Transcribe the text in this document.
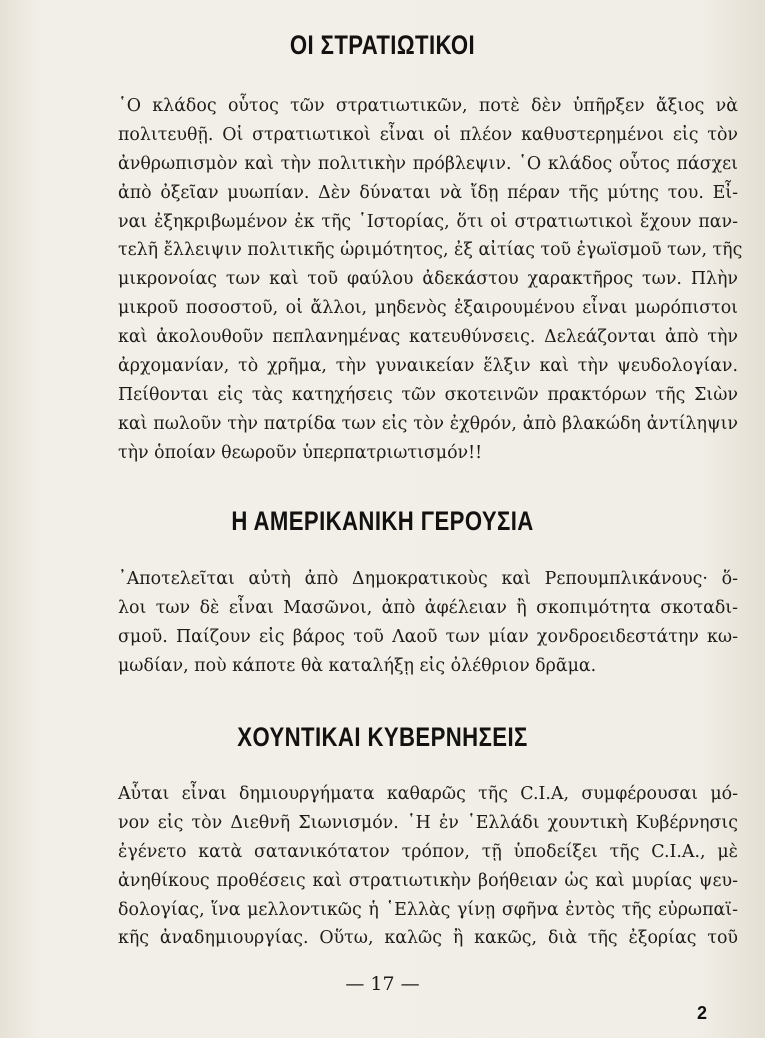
ΟΙ ΣΤΡΑΤΙΩΤΙΚΟΙ
῾Ο κλάδος οὗτος τῶν στρατιωτικῶν, ποτὲ δὲν ὑπῆρξεν ἄξιος νὰ
πολιτευθῇ. Οἱ στρατιωτικοὶ εἶναι οἱ πλέον καθυστερημένοι εἰς τὸν
ἀνθρωπισμὸν καὶ τὴν πολιτικὴν πρόβλεψιν. ῾Ο κλάδος οὗτος πάσχει
ἀπὸ ὀξεῖαν μυωπίαν. Δὲν δύναται νὰ ἴδῃ πέραν τῆς μύτης του. Εἶ-
ναι ἐξηκριβωμένον ἐκ τῆς ῾Ιστορίας, ὅτι οἱ στρατιωτικοὶ ἔχουν παν-
τελῆ ἔλλειψιν πολιτικῆς ὡριμότητος, ἐξ αἰτίας τοῦ ἐγωϊσμοῦ των, τῆς
μικρονοίας των καὶ τοῦ φαύλου ἀδεκάστου χαρακτῆρος των. Πλὴν
μικροῦ ποσοστοῦ, οἱ ἄλλοι, μηδενὸς ἐξαιρουμένου εἶναι μωρόπιστοι
καὶ ἀκολουθοῦν πεπλανημένας κατευθύνσεις. Δελεάζονται ἀπὸ τὴν
ἀρχομανίαν, τὸ χρῆμα, τὴν γυναικείαν ἕλξιν καὶ τὴν ψευδολογίαν.
Πείθονται εἰς τὰς κατηχήσεις τῶν σκοτεινῶν πρακτόρων τῆς Σιὼν
καὶ πωλοῦν τὴν πατρίδα των εἰς τὸν ἐχθρόν, ἀπὸ βλακώδη ἀντίληψιν
τὴν ὁποίαν θεωροῦν ὑπερπατριωτισμόν!!
Η ΑΜΕΡΙΚΑΝΙΚΗ ΓΕΡΟΥΣΙΑ
᾿Αποτελεῖται αὐτὴ ἀπὸ Δημοκρατικοὺς καὶ Ρεπουμπλικάνους· ὅ-
λοι των δὲ εἶναι Μασῶνοι, ἀπὸ ἀφέλειαν ἢ σκοπιμότητα σκοταδι-
σμοῦ. Παίζουν εἰς βάρος τοῦ Λαοῦ των μίαν χονδροειδεστάτην κω-
μωδίαν, ποὺ κάποτε θὰ καταλήξῃ εἰς ὀλέθριον δρᾶμα.
ΧΟΥΝΤΙΚΑΙ ΚΥΒΕΡΝΗΣΕΙΣ
Αὗται εἶναι δημιουργήματα καθαρῶς τῆς C.I.A, συμφέρουσαι μό-
νον εἰς τὸν Διεθνῆ Σιωνισμόν. ῾Η ἐν ῾Ελλάδι χουντικὴ Κυβέρνησις
ἐγένετο κατὰ σατανικότατον τρόπον, τῇ ὑποδείξει τῆς C.I.A., μὲ
ἀνηθίκους προθέσεις καὶ στρατιωτικὴν βοήθειαν ὡς καὶ μυρίας ψευ-
δολογίας, ἵνα μελλοντικῶς ἡ ῾Ελλὰς γίνῃ σφῆνα ἐντὸς τῆς εὐρωπαϊ-
κῆς ἀναδημιουργίας. Οὕτω, καλῶς ἢ κακῶς, διὰ τῆς ἐξορίας τοῦ
— 17 —
2
